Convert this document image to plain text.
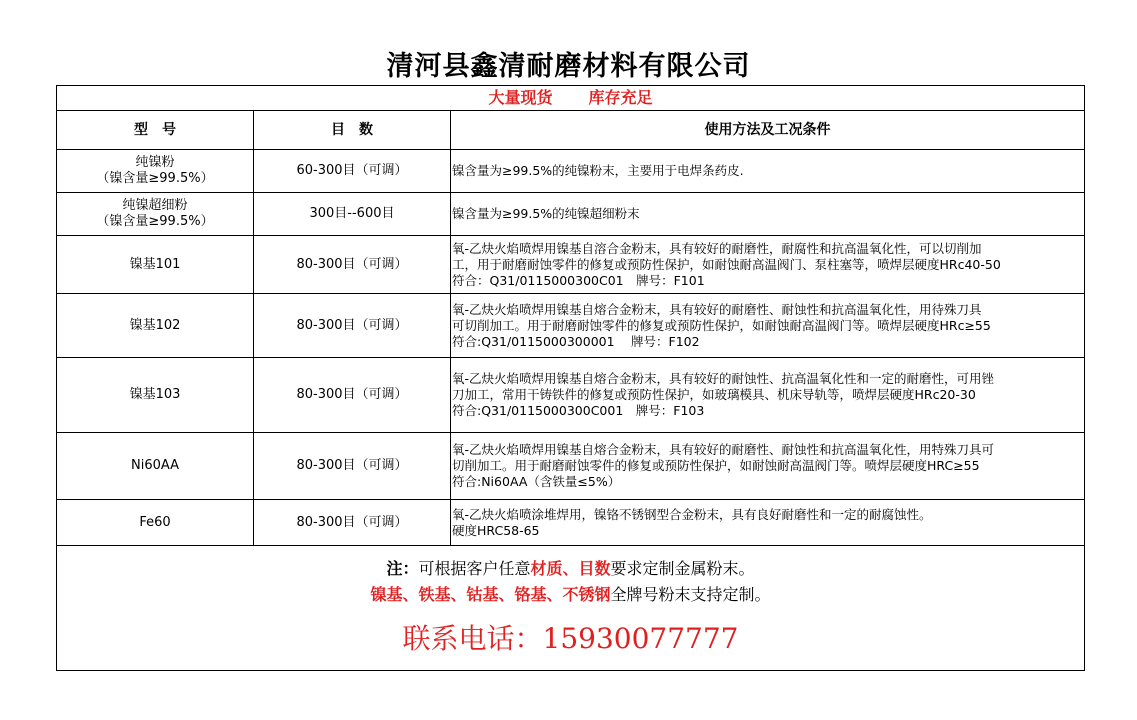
清河县鑫清耐磨材料有限公司
大量现货 库存充足		
型　号	目　数	使用方法及工况条件

纯镍粉
（镍含量≥99.5%）	60-300目（可调）	镍含量为≥99.5%的纯镍粉末，主要用于电焊条药皮.

纯镍超细粉
（镍含量≥99.5%）	300目--600目	镍含量为≥99.5%的纯镍超细粉末

镍基101	80-300目（可调）	氧-乙炔火焰喷焊用镍基自溶合金粉末，具有较好的耐磨性，耐腐性和抗高温氧化性，可以切削加
工，用于耐磨耐蚀零件的修复或预防性保护，如耐蚀耐高温阀门、泵柱塞等，喷焊层硬度HRc40-50
符合：Q31/0115000300C01　牌号：F101

镍基102	80-300目（可调）	氧-乙炔火焰喷焊用镍基自熔合金粉末，具有较好的耐磨性、耐蚀性和抗高温氧化性，用待殊刀具
可切削加工。用于耐磨耐蚀零件的修复或预防性保护，如耐蚀耐高温阀门等。喷焊层硬度HRc≥55
符合:Q31/0115000300001　 牌号：F102

镍基103	80-300目（可调）	氧-乙炔火焰喷焊用镍基自熔合金粉末，具有较好的耐蚀性、抗高温氧化性和一定的耐磨性，可用锉
刀加工，常用干铸铁件的修复或预防性保护，如玻璃模具、机床导轨等，喷焊层硬度HRc20-30
符合:Q31/0115000300C001　牌号：F103

Ni60AA	80-300目（可调）	氧-乙炔火焰喷焊用镍基自熔合金粉末，具有较好的耐磨性、耐蚀性和抗高温氧化性，用特殊刀具可
切削加工。用于耐磨耐蚀零件的修复或预防性保护，如耐蚀耐高温阀门等。喷焊层硬度HRC≥55
符合:Ni60AA（含铁量≤5%）

Fe60	80-300目（可调）	氧-乙炔火焰喷涂堆焊用，镍铬不锈钢型合金粉末，具有良好耐磨性和一定的耐腐蚀性。
硬度HRC58-65

注：可根据客户任意材质、目数要求定制金属粉末。
镍基、铁基、钴基、铬基、不锈钢全牌号粉末支持定制。
联系电话：15930077777		
